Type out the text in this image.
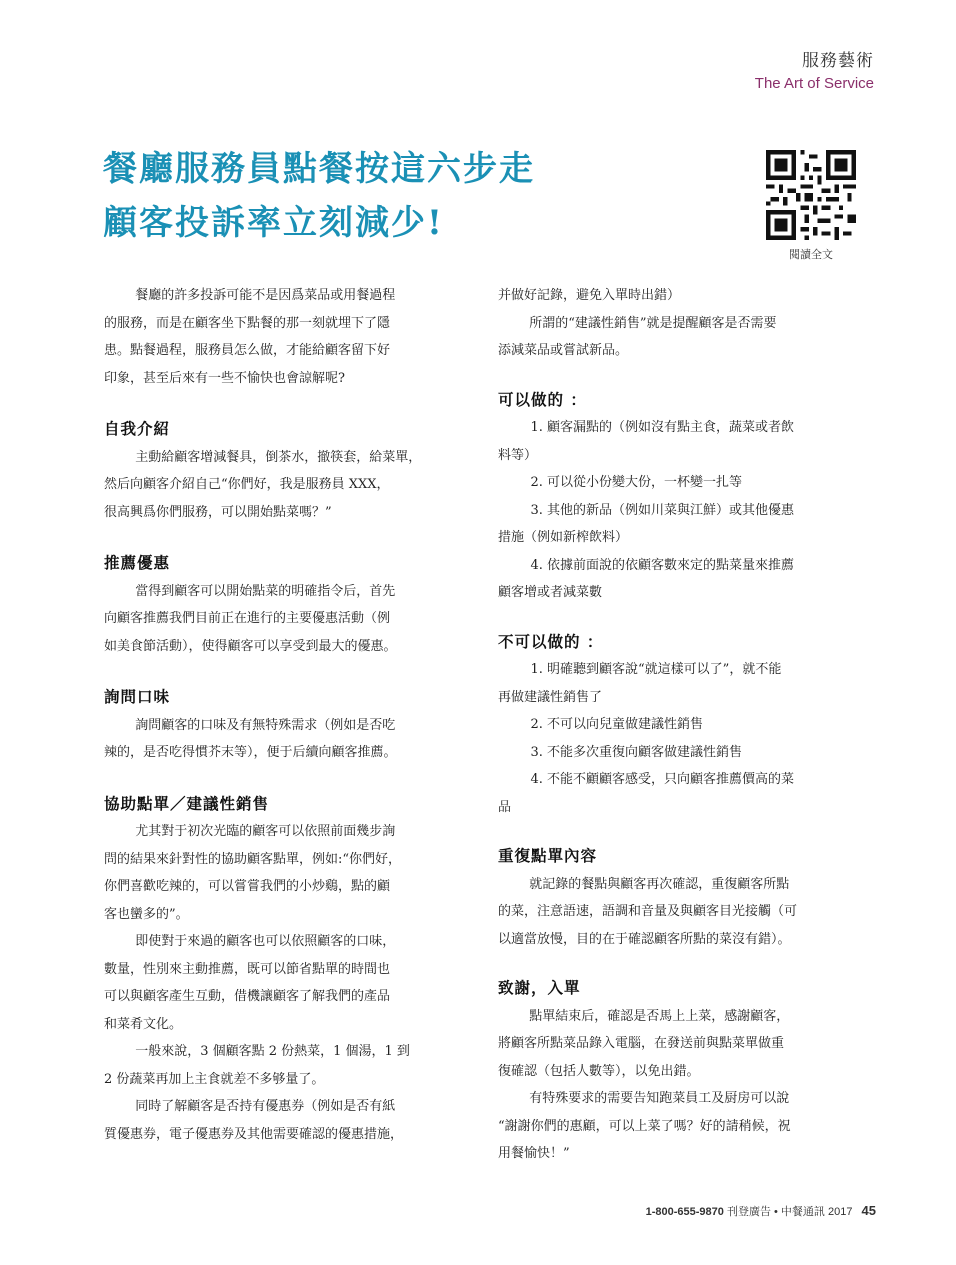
服務藝術
The Art of Service
餐廳服務員點餐按這六步走
顧客投訴率立刻減少!
閱讀全文

餐廳的許多投訴可能不是因爲菜品或用餐過程
的服務，而是在顧客坐下點餐的那一刻就埋下了隱
患。點餐過程，服務員怎么做，才能給顧客留下好
印象，甚至后來有一些不愉快也會諒解呢?

自我介紹

主動給顧客增減餐具，倒茶水，撤筷套，給菜單，
然后向顧客介紹自己“你們好，我是服務員 XXX，
很高興爲你們服務，可以開始點菜嗎？”

推薦優惠

當得到顧客可以開始點菜的明確指令后，首先
向顧客推薦我們目前正在進行的主要優惠活動（例
如美食節活動），使得顧客可以享受到最大的優惠。

詢問口味

詢問顧客的口味及有無特殊需求（例如是否吃
辣的，是否吃得慣芥末等），便于后續向顧客推薦。

協助點單／建議性銷售

尤其對于初次光臨的顧客可以依照前面幾步詢
問的結果來針對性的協助顧客點單，例如:“你們好，
你們喜歡吃辣的，可以嘗嘗我們的小炒鷄，點的顧
客也蠻多的”。

即使對于來過的顧客也可以依照顧客的口味，
數量，性別來主動推薦，既可以節省點單的時間也
可以與顧客產生互動，借機讓顧客了解我們的產品
和菜肴文化。

一般來說，3 個顧客點 2 份熱菜，1 個湯，1 到
2 份蔬菜再加上主食就差不多够量了。

同時了解顧客是否持有優惠券（例如是否有紙
質優惠券，電子優惠券及其他需要確認的優惠措施，

并做好記錄，避免入單時出錯）

所謂的“建議性銷售”就是提醒顧客是否需要
添減菜品或嘗試新品。

可以做的 ：

1. 顧客漏點的（例如沒有點主食，蔬菜或者飲
料等）

2. 可以從小份變大份，一杯變一扎等

3. 其他的新品（例如川菜與江鮮）或其他優惠
措施（例如新榨飲料）

4. 依據前面說的依顧客數來定的點菜量來推薦
顧客增或者減菜數

不可以做的 ：

1. 明確聽到顧客說“就這樣可以了”，就不能
再做建議性銷售了

2. 不可以向兒童做建議性銷售

3. 不能多次重復向顧客做建議性銷售

4. 不能不顧顧客感受，只向顧客推薦價高的菜
品

重復點單內容

就記錄的餐點與顧客再次確認，重復顧客所點
的菜，注意語速，語調和音量及與顧客目光接觸（可
以適當放慢，目的在于確認顧客所點的菜沒有錯）。

致謝，入單

點單結束后，確認是否馬上上菜，感謝顧客，
將顧客所點菜品錄入電腦，在發送前與點菜單做重
復確認（包括人數等），以免出錯。

有特殊要求的需要告知跑菜員工及厨房可以說
“謝謝你們的惠顧，可以上菜了嗎？好的請稍候，祝
用餐愉快！”

1-800-655-9870 刊登廣告 • 中餐通訊 2017 45
